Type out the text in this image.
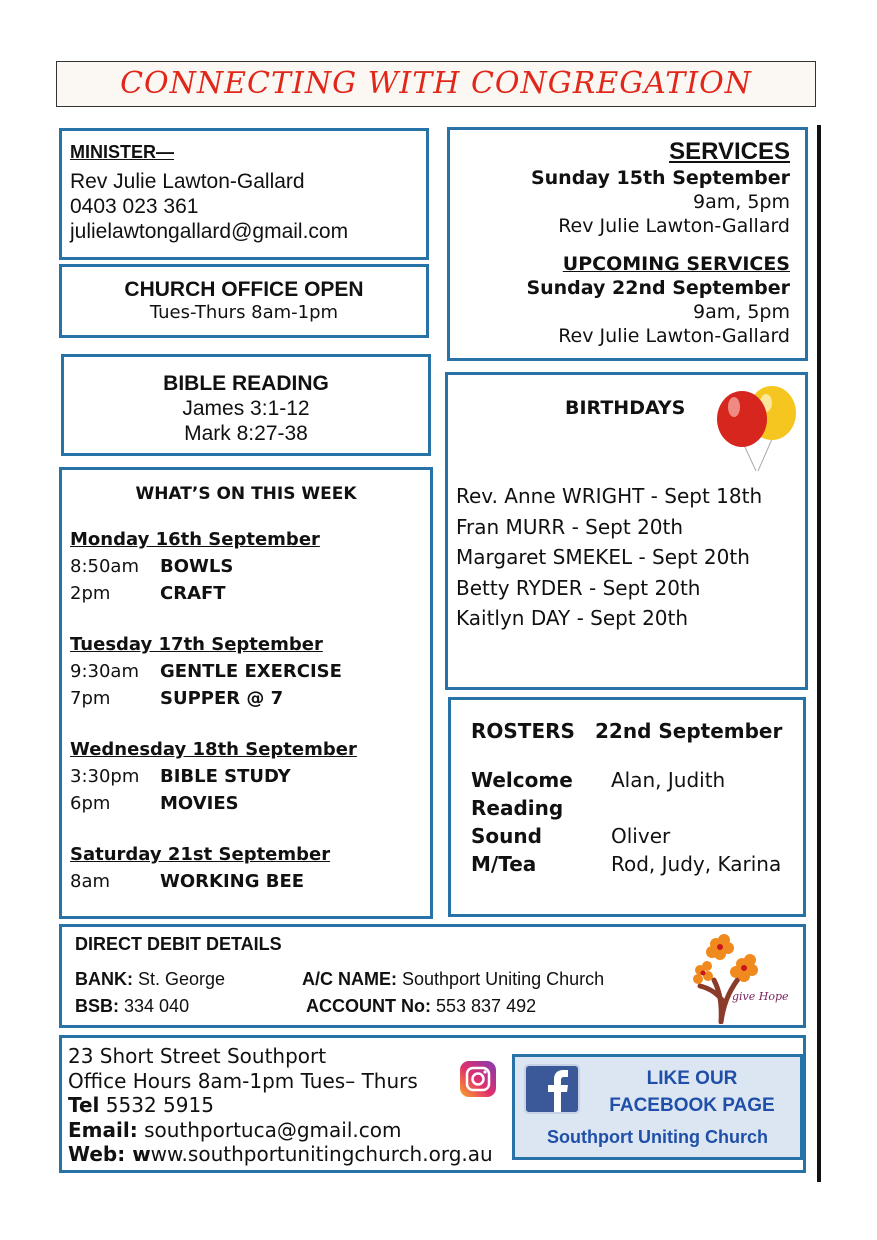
CONNECTING WITH CONGREGATION
MINISTER—
Rev Julie Lawton-Gallard
0403 023 361
julielawtongallard@gmail.com
CHURCH OFFICE OPEN
Tues-Thurs 8am-1pm
BIBLE READING
James 3:1-12
Mark 8:27-38
WHAT’S ON THIS WEEK
Monday 16th September
8:50am	BOWLS
2pm	CRAFT
Tuesday 17th September
9:30am	GENTLE EXERCISE
7pm	SUPPER @ 7
Wednesday 18th September
3:30pm	BIBLE STUDY
6pm	MOVIES
Saturday 21st September
8am	WORKING BEE
SERVICES
Sunday 15th September
9am, 5pm
Rev Julie Lawton-Gallard
UPCOMING SERVICES
Sunday 22nd September
9am, 5pm
Rev Julie Lawton-Gallard
BIRTHDAYS
Rev. Anne WRIGHT - Sept 18th
Fran MURR - Sept 20th
Margaret SMEKEL - Sept 20th
Betty RYDER - Sept 20th
Kaitlyn DAY - Sept 20th
ROSTERS	22nd September
Welcome	Alan, Judith
Reading
Sound	Oliver
M/Tea	Rod, Judy, Karina
DIRECT DEBIT DETAILS
BANK: St. George	A/C NAME: Southport Uniting Church
BSB: 334 040	ACCOUNT No: 553 837 492	give Hope
23 Short Street Southport
Office Hours 8am-1pm Tues– Thurs
Tel 5532 5915
Email: southportuca@gmail.com
Web: www.southportunitingchurch.org.au
LIKE OUR
FACEBOOK PAGE
Southport Uniting Church
